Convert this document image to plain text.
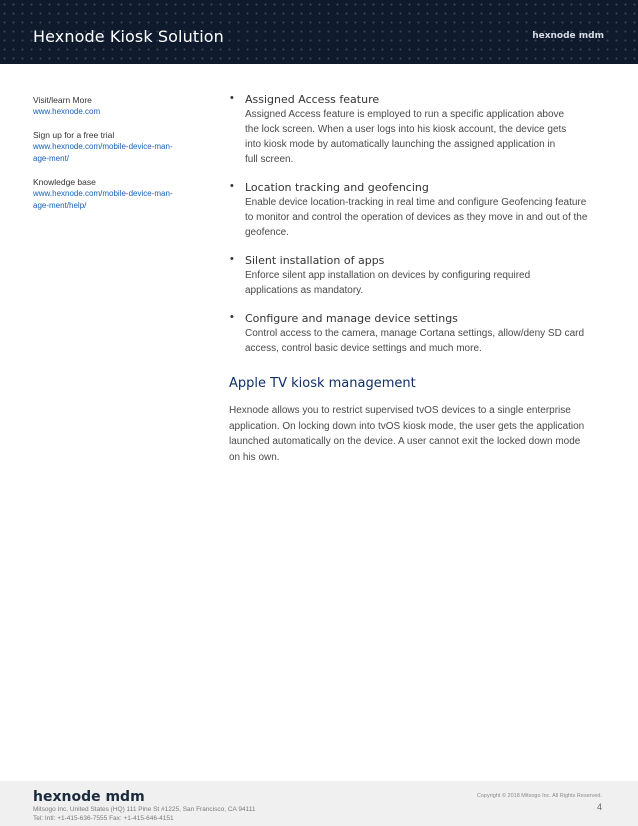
Hexnode Kiosk Solution	hexnode mdm
Visit/learn More
www.hexnode.com
Sign up for a free trial
www.hexnode.com/mobile-device-man-
age-ment/
Knowledge base
www.hexnode.com/mobile-device-man-
age-ment/help/
• Assigned Access feature
Assigned Access feature is employed to run a specific application above
the lock screen. When a user logs into his kiosk account, the device gets
into kiosk mode by automatically launching the assigned application in
full screen.
• Location tracking and geofencing
Enable device location-tracking in real time and configure Geofencing feature
to monitor and control the operation of devices as they move in and out of the
geofence.
• Silent installation of apps
Enforce silent app installation on devices by configuring required
applications as mandatory.
• Configure and manage device settings
Control access to the camera, manage Cortana settings, allow/deny SD card
access, control basic device settings and much more.
Apple TV kiosk management
Hexnode allows you to restrict supervised tvOS devices to a single enterprise
application. On locking down into tvOS kiosk mode, the user gets the application
launched automatically on the device. A user cannot exit the locked down mode
on his own.
hexnode mdm
Mitsogo Inc. United States (HQ) 111 Pine St #1225, San Francisco, CA 94111
Tel: Intl: +1-415-636-7555 Fax: +1-415-646-4151
Copyright © 2018 Mitsogo Inc. All Rights Reserved.
4
